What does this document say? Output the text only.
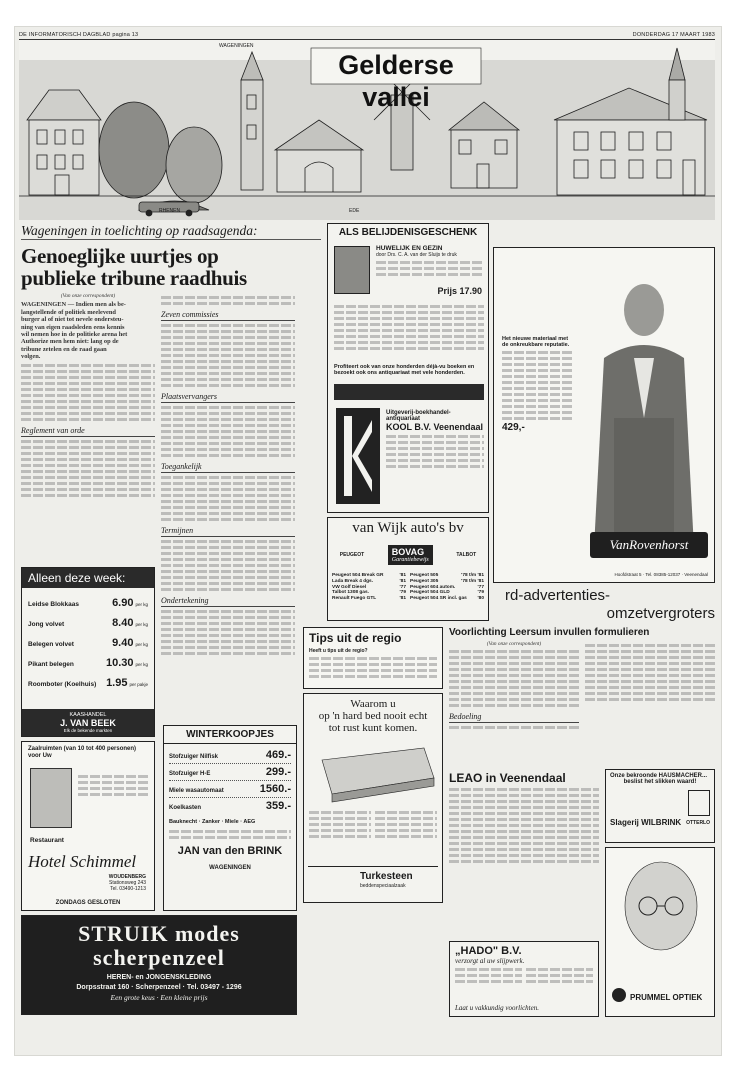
DE INFORMATORISCH DAGBLAD pagina 13	DONDERDAG 17 MAART 1983
Gelderse vallei
WAGENINGEN
RHENEN	EDE
Wageningen in toelichting op raadsagenda:
Genoeglijke uurtjes op
publieke tribune raadhuis
(Van onze correspondent)
WAGENINGEN — Indien men als be-
langstellende of politiek meelevend
burger al of niet tot nevele ondersteu-
ning van eigen raadsleden eens kennis
wil nemen hoe in de politieke arena het
Authorize men hem niet: lang op de
tribune zetelen en de raad gaan
volgen.
Reglement van orde
Zeven commissies
Plaatsvervangers
Toegankelijk
Termijnen
Ondertekening
Alleen deze week:
Leidse Blokkaas	6.90 per kg
Jong volvet	8.40 per kg
Belegen volvet	9.40 per kg
Pikant belegen	10.30 per kg
Roomboter (Koelhuis) 1.95 per pakje
KAASHANDEL
J. VAN BEEK
Elk de bekende markten
Zaalruimten (van 10 tot 400 personen) voor Uw
Restaurant
Hotel Schimmel
WOUDENBERG
Stationsweg 243
Tel. 03490-1213
ZONDAGS GESLOTEN
WINTERKOOPJES
Stofzuiger Nilfisk	469.-
Stofzuiger H-E	299.-
Miele wasautomaat	1560.-
Koelkasten	359.-
Bauknecht · Zanker · Miele · AEG
JAN van den BRINK
WAGENINGEN
STRUIK modes
scherpenzeel
HEREN- en JONGENSKLEDING
Dorpsstraat 160 · Scherpenzeel · Tel. 03497 - 1296
Een grote keus · Een kleine prijs
ALS BELIJDENISGESCHENK
HUWELIJK EN GEZIN
door Drs. C. A. van der Sluijs te druk
Prijs 17.90
Profiteert ook van onze honderden déjà-vu boeken en bezoekt ook ons antiquariaat met vele honderden.
Uitgeverij-boekhandel-antiquariaat
KOOL B.V. Veenendaal
van Wijk auto's bv
PEUGEOT	BOVAG
Garantiebewijs
TALBOT
Peugeot 504 Break GR	'81
Lada Break 4 dgs.	'81
VW Golf Diesel	'77
Talbot 1308 gas.	'79
Renault Fuego GTL	'81
Peugeot 505	'78 t/m '81
Peugeot 305	'78 t/m '81
Peugeot 604 autom.	'77
Peugeot 504 GLD	'79
Peugeot 504 SR incl. gas '80
Het nieuwe materiaal met de onkreukbare reputatie.
429,-
VanRovenhorst
Hoofdstraat 5 · Tel. 08385-12037 · Veenendaal
rd-advertenties-
omzetvergroters
Tips uit de regio
Heeft u tips uit de regio?
Waarom u
op 'n hard bed nooit echt
tot rust kunt komen.
Turkesteen
beddenspeciaalzaak
Voorlichting Leersum invullen formulieren
(Van onze correspondent)
Bedoeling
LEAO in Veenendaal
„HADO" B.V.
verzorgt al uw slijpwerk.
Laat u vakkundig voorlichten.
Onze bekroonde HAUSMACHER...
beslist het slikken waard!
Slagerij WILBRINK OTTERLO
PRUMMEL OPTIEK
